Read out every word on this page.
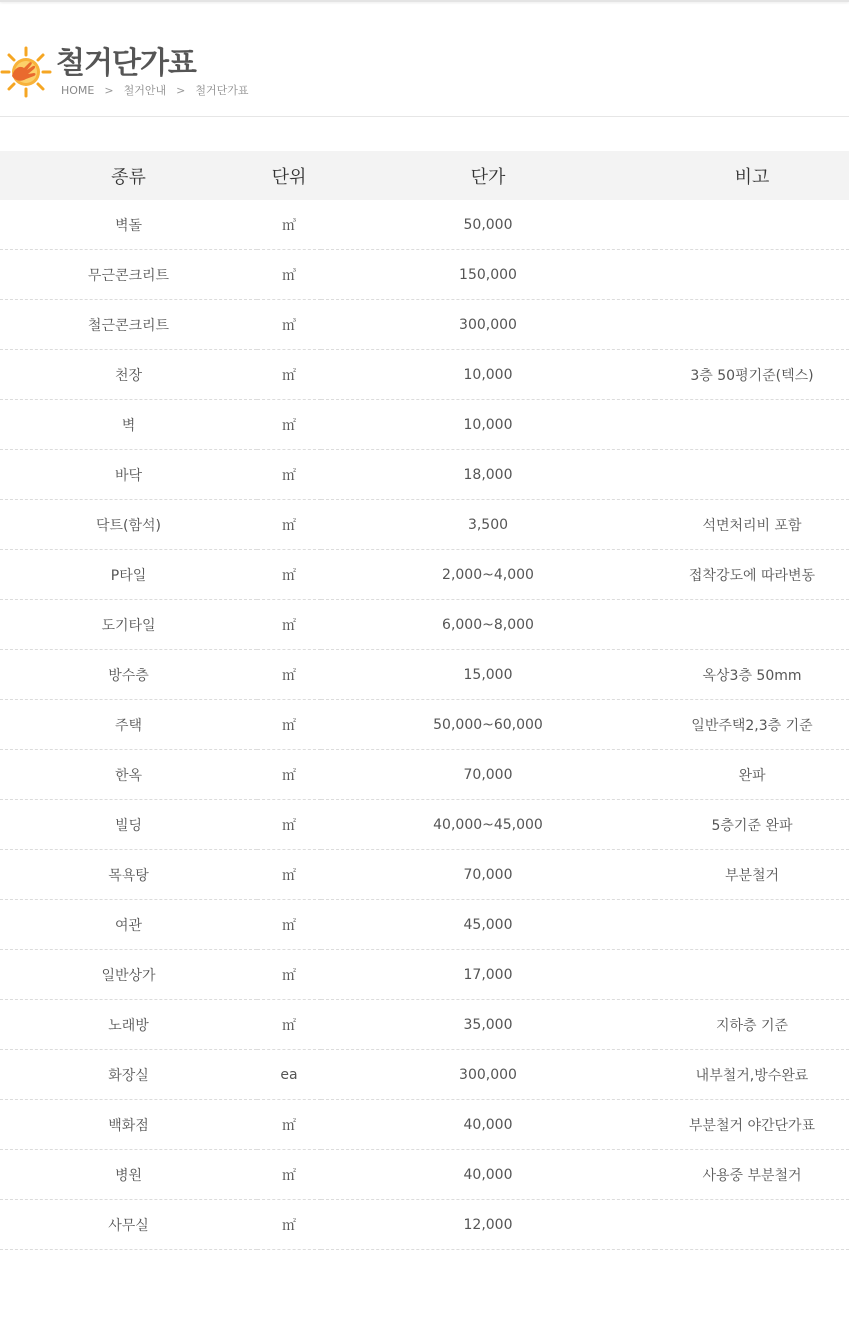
철거단가표
HOME > 철거안내 > 철거단가표
종류	단위	단가	비고
벽돌	㎥	50,000	
무근콘크리트	㎥	150,000	
철근콘크리트	㎥	300,000	
천장	㎡	10,000	3층 50평기준(텍스)
벽	㎡	10,000	
바닥	㎡	18,000	
닥트(함석)	㎡	3,500	석면처리비 포함
P타일	㎡	2,000~4,000	접착강도에 따라변동
도기타일	㎡	6,000~8,000	
방수층	㎡	15,000	옥상3층 50mm
주택	㎡	50,000~60,000	일반주택2,3층 기준
한옥	㎡	70,000	완파
빌딩	㎡	40,000~45,000	5층기준 완파
목욕탕	㎡	70,000	부분철거
여관	㎡	45,000	
일반상가	㎡	17,000	
노래방	㎡	35,000	지하층 기준
화장실	ea	300,000	내부철거,방수완료
백화점	㎡	40,000	부분철거 야간단가표
병원	㎡	40,000	사용중 부분철거
사무실	㎡	12,000	
